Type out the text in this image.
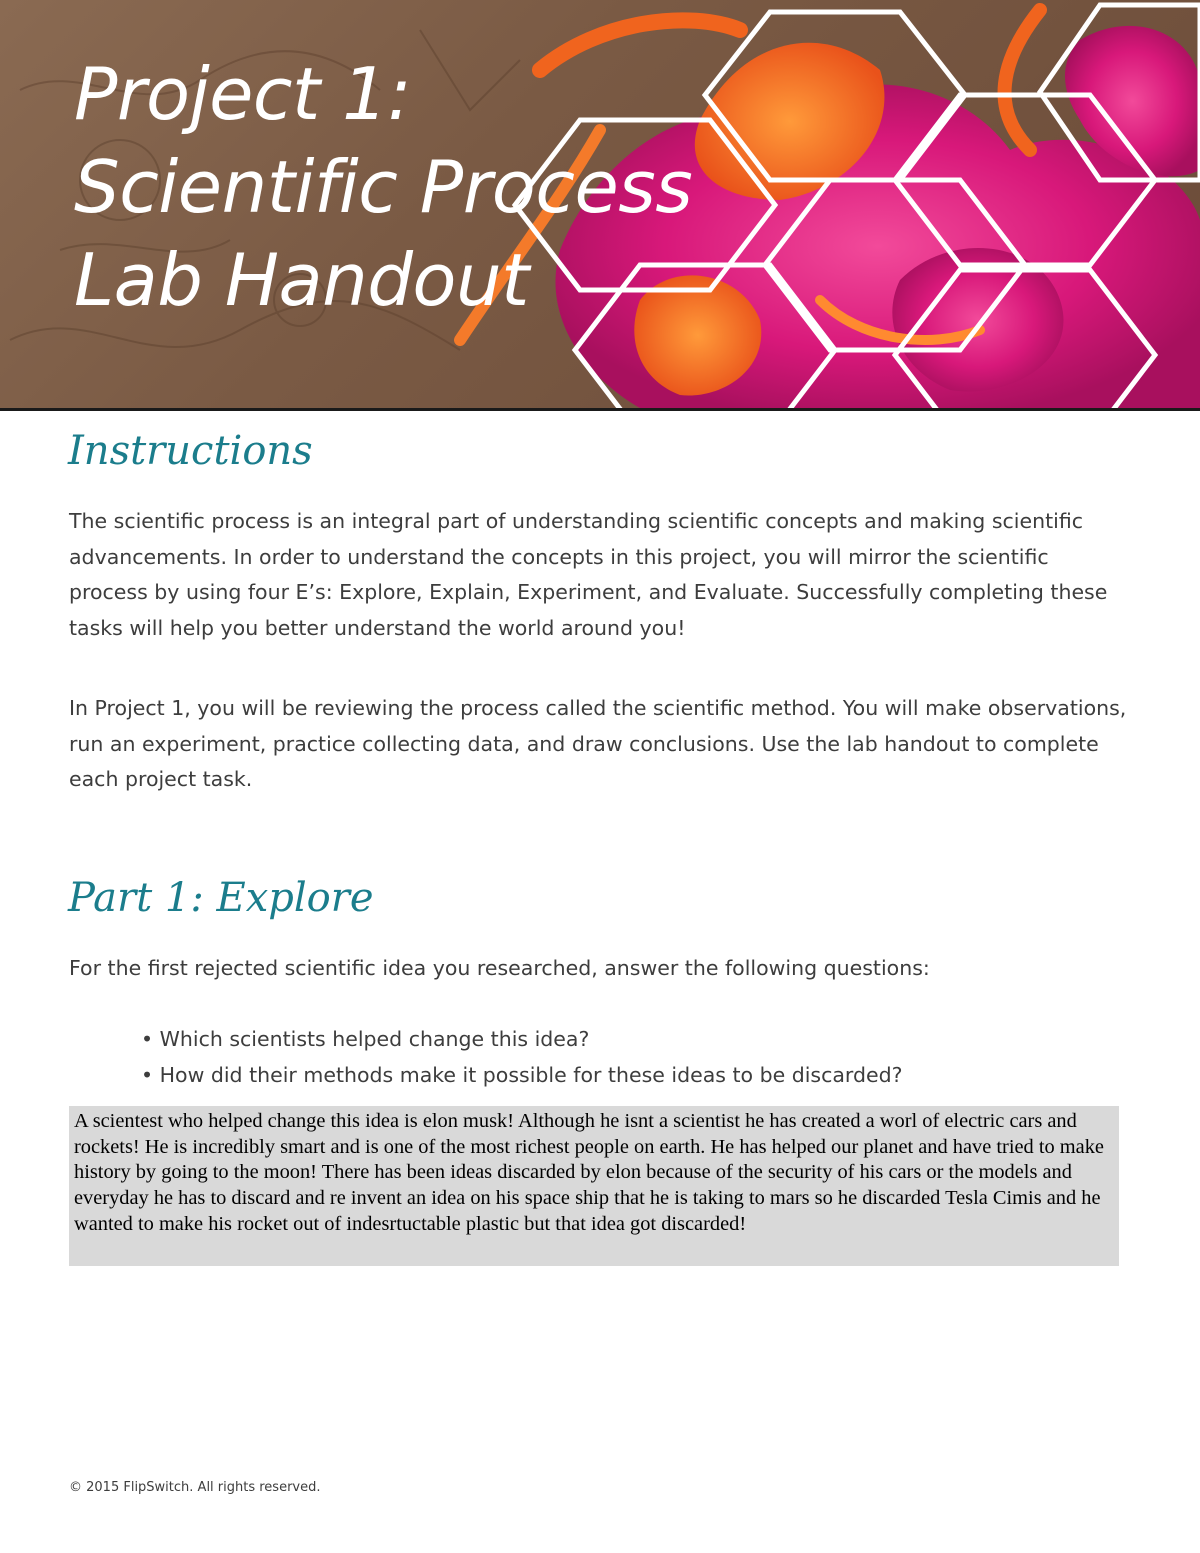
Project 1:
Scientific Process
Lab Handout
Instructions

The scientific process is an integral part of understanding scientific concepts and making scientific advancements. In order to understand the concepts in this project, you will mirror the scientific process by using four E’s: Explore, Explain, Experiment, and Evaluate. Successfully completing these tasks will help you better understand the world around you!

In Project 1, you will be reviewing the process called the scientific method. You will make observations, run an experiment, practice collecting data, and draw conclusions. Use the lab handout to complete each project task.

Part 1: Explore

For the first rejected scientific idea you researched, answer the following questions:

• Which scientists helped change this idea?
• How did their methods make it possible for these ideas to be discarded?
A scientest who helped change this idea is elon musk! Although he isnt a scientist he has created a worl of electric cars and rockets! He is incredibly smart and is one of the most richest people on earth. He has helped our planet and have tried to make history by going to the moon! There has been ideas discarded by elon because of the security of his cars or the models and everyday he has to discard and re invent an idea on his space ship that he is taking to mars so he discarded Tesla Cimis and he wanted to make his rocket out of indesrtuctable plastic but that idea got discarded!

© 2015 FlipSwitch. All rights reserved.
